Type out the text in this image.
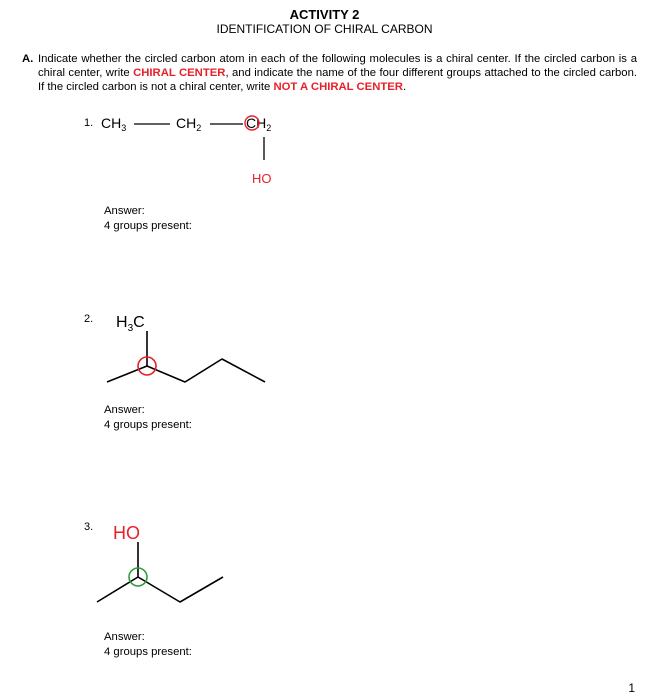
ACTIVITY 2
IDENTIFICATION OF CHIRAL CARBON
A. Indicate whether the circled carbon atom in each of the following molecules is a chiral center. If the circled carbon is a chiral center, write CHIRAL CENTER, and indicate the name of the four different groups attached to the circled carbon. If the circled carbon is not a chiral center, write NOT A CHIRAL CENTER.
1.
2.
3.
$CH_3$	$CH_2$	$CH_2$
HO
$H_3C$
HO
Answer:
4 groups present:
Answer:
4 groups present:
Answer:
4 groups present:
1
